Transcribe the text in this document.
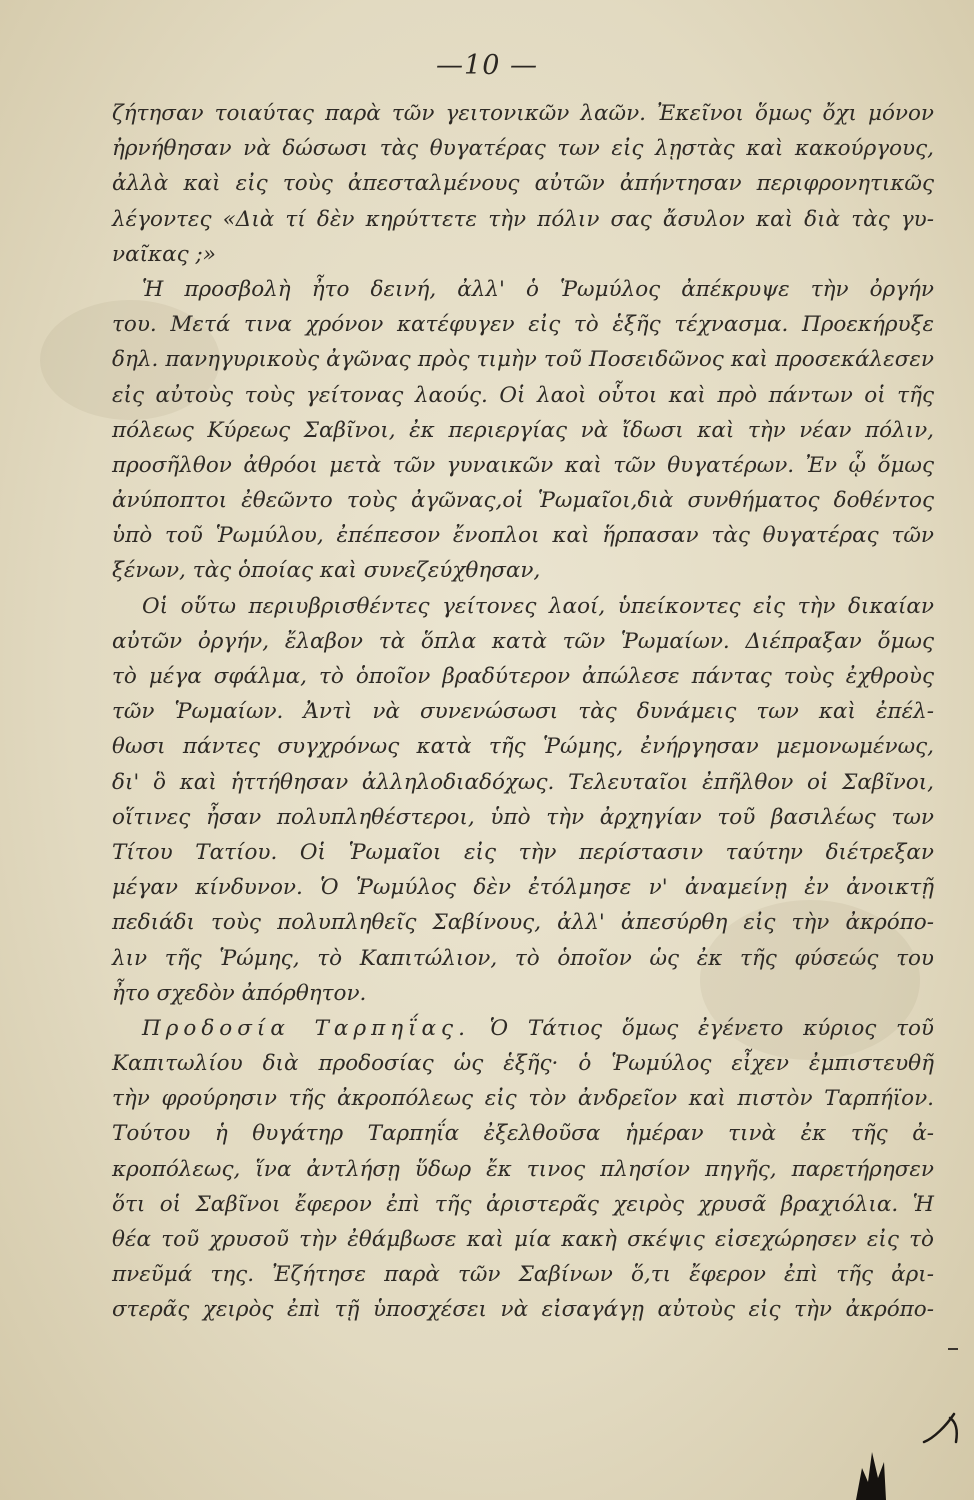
—10 —
ζήτησαν τοιαύτας παρὰ τῶν γειτονικῶν λαῶν. Ἐκεῖνοι ὅμως ὄχι μόνον
ἠρνήθησαν νὰ δώσωσι τὰς θυγατέρας των εἰς λῃστὰς καὶ κακούργους,
ἀλλὰ καὶ εἰς τοὺς ἀπεσταλμένους αὐτῶν ἀπήντησαν περιφρονητικῶς
λέγοντες «Διὰ τί δὲν κηρύττετε τὴν πόλιν σας ἄσυλον καὶ διὰ τὰς γυ-
ναῖκας ;»
Ἡ προσβολὴ ἦτο δεινή, ἀλλ' ὁ Ῥωμύλος ἀπέκρυψε τὴν ὀργήν
του. Μετά τινα χρόνον κατέφυγεν εἰς τὸ ἑξῆς τέχνασμα. Προεκήρυξε
δηλ. πανηγυρικοὺς ἀγῶνας πρὸς τιμὴν τοῦ Ποσειδῶνος καὶ προσεκάλεσεν
εἰς αὐτοὺς τοὺς γείτονας λαούς. Οἱ λαοὶ οὗτοι καὶ πρὸ πάντων οἱ τῆς
πόλεως Κύρεως Σαβῖνοι, ἐκ περιεργίας νὰ ἴδωσι καὶ τὴν νέαν πόλιν,
προσῆλθον ἀθρόοι μετὰ τῶν γυναικῶν καὶ τῶν θυγατέρων. Ἐν ᾧ ὅμως
ἀνύποπτοι ἐθεῶντο τοὺς ἀγῶνας,οἱ Ῥωμαῖοι,διὰ συνθήματος δοθέντος
ὑπὸ τοῦ Ῥωμύλου, ἐπέπεσον ἔνοπλοι καὶ ἥρπασαν τὰς θυγατέρας τῶν
ξένων, τὰς ὁποίας καὶ συνεζεύχθησαν,
Οἱ οὕτω περιυβρισθέντες γείτονες λαοί, ὑπείκοντες εἰς τὴν δικαίαν
αὐτῶν ὀργήν, ἔλαβον τὰ ὅπλα κατὰ τῶν Ῥωμαίων. Διέπραξαν ὅμως
τὸ μέγα σφάλμα, τὸ ὁποῖον βραδύτερον ἀπώλεσε πάντας τοὺς ἐχθροὺς
τῶν Ῥωμαίων. Ἀντὶ νὰ συνενώσωσι τὰς δυνάμεις των καὶ ἐπέλ-
θωσι πάντες συγχρόνως κατὰ τῆς Ῥώμης, ἐνήργησαν μεμονωμένως,
δι' ὃ καὶ ἡττήθησαν ἀλληλοδιαδόχως. Τελευταῖοι ἐπῆλθον οἱ Σαβῖνοι,
οἵτινες ἦσαν πολυπληθέστεροι, ὑπὸ τὴν ἀρχηγίαν τοῦ βασιλέως των
Τίτου Τατίου. Οἱ Ῥωμαῖοι εἰς τὴν περίστασιν ταύτην διέτρεξαν
μέγαν κίνδυνον. Ὁ Ῥωμύλος δὲν ἐτόλμησε ν' ἀναμείνῃ ἐν ἀνοικτῇ
πεδιάδι τοὺς πολυπληθεῖς Σαβίνους, ἀλλ' ἀπεσύρθη εἰς τὴν ἀκρόπο-
λιν τῆς Ῥώμης, τὸ Καπιτώλιον, τὸ ὁποῖον ὡς ἐκ τῆς φύσεώς του
ἦτο σχεδὸν ἀπόρθητον.
Προδοσία Ταρπηΐας. Ὁ Τάτιος ὅμως ἐγένετο κύριος τοῦ
Καπιτωλίου διὰ προδοσίας ὡς ἑξῆς· ὁ Ῥωμύλος εἶχεν ἐμπιστευθῆ
τὴν φρούρησιν τῆς ἀκροπόλεως εἰς τὸν ἀνδρεῖον καὶ πιστὸν Ταρπήϊον.
Τούτου ἡ θυγάτηρ Ταρπηΐα ἐξελθοῦσα ἡμέραν τινὰ ἐκ τῆς ἀ-
κροπόλεως, ἵνα ἀντλήσῃ ὕδωρ ἔκ τινος πλησίον πηγῆς, παρετήρησεν
ὅτι οἱ Σαβῖνοι ἔφερον ἐπὶ τῆς ἀριστερᾶς χειρὸς χρυσᾶ βραχιόλια. Ἡ
θέα τοῦ χρυσοῦ τὴν ἐθάμβωσε καὶ μία κακὴ σκέψις εἰσεχώρησεν εἰς τὸ
πνεῦμά της. Ἐζήτησε παρὰ τῶν Σαβίνων ὅ,τι ἔφερον ἐπὶ τῆς ἀρι-
στερᾶς χειρὸς ἐπὶ τῇ ὑποσχέσει νὰ εἰσαγάγῃ αὐτοὺς εἰς τὴν ἀκρόπο-
